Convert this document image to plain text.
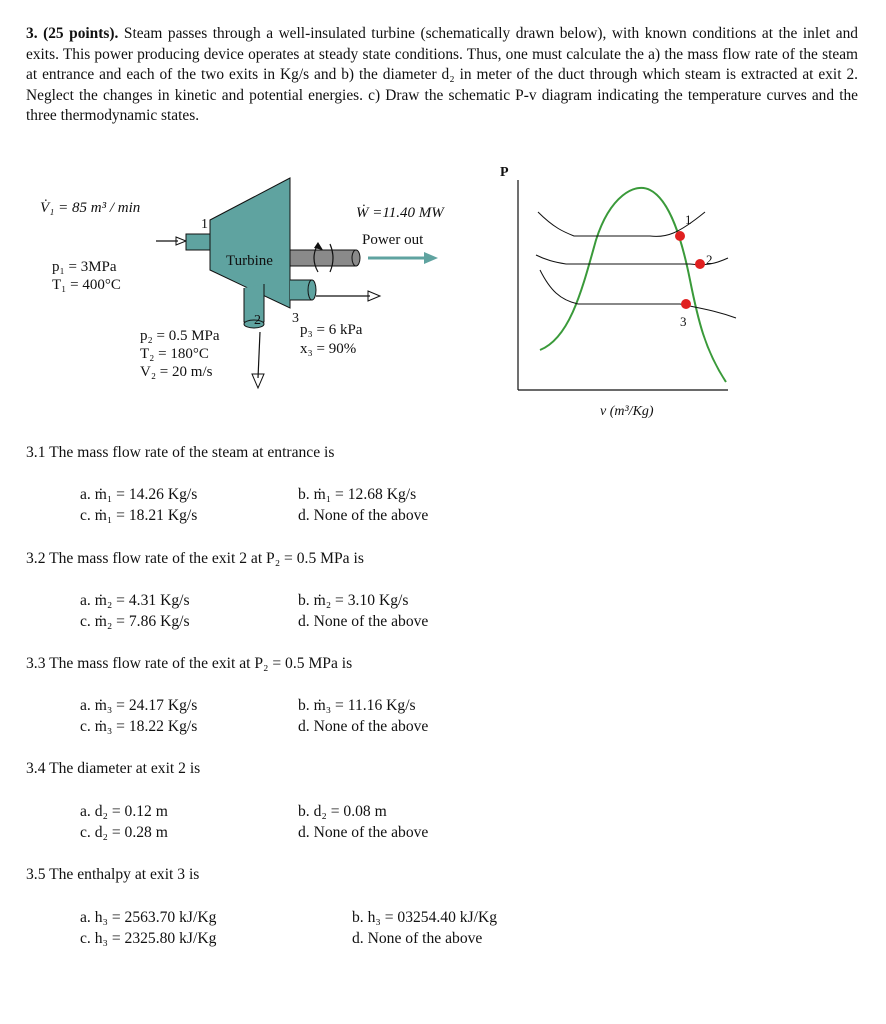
3. (25 points). Steam passes through a well-insulated turbine (schematically drawn below), with known conditions at the inlet and exits. This power producing device operates at steady state conditions. Thus, one must calculate the a) the mass flow rate of the steam at entrance and each of the two exits in Kg/s and b) the diameter d₂ in meter of the duct through which steam is extracted at exit 2. Neglect the changes in kinetic and potential energies. c) Draw the schematic P-v diagram indicating the temperature curves and the three thermodynamic states.
Turbine
1
2 3
V̇₁ = 85 m³ / min
p₁ = 3MPa
T₁ = 400°C
Ẇ =11.40 MW
Power out
p₂ = 0.5 MPa
T₂ = 180°C
V₂ = 20 m/s
p₃ = 6 kPa
x₃ = 90%
P
1
2
3
v (m³/Kg)
3.1 The mass flow rate of the steam at entrance is
a. ṁ₁ = 14.26 Kg/s	b. ṁ₁ = 12.68 Kg/s
c. ṁ₁ = 18.21 Kg/s	d. None of the above
3.2 The mass flow rate of the exit 2 at P₂ = 0.5 MPa is
a. ṁ₂ = 4.31 Kg/s	b. ṁ₂ = 3.10 Kg/s
c. ṁ₂ = 7.86 Kg/s	d. None of the above
3.3 The mass flow rate of the exit at P₂ = 0.5 MPa is
a. ṁ₃ = 24.17 Kg/s	b. ṁ₃ = 11.16 Kg/s
c. ṁ₃ = 18.22 Kg/s	d. None of the above
3.4 The diameter at exit 2 is
a. d₂ = 0.12 m	b. d₂ = 0.08 m
c. d₂ = 0.28 m	d. None of the above
3.5 The enthalpy at exit 3 is
a. h₃ = 2563.70 kJ/Kg	b. h₃ = 03254.40 kJ/Kg
c. h₃ = 2325.80 kJ/Kg	d. None of the above
